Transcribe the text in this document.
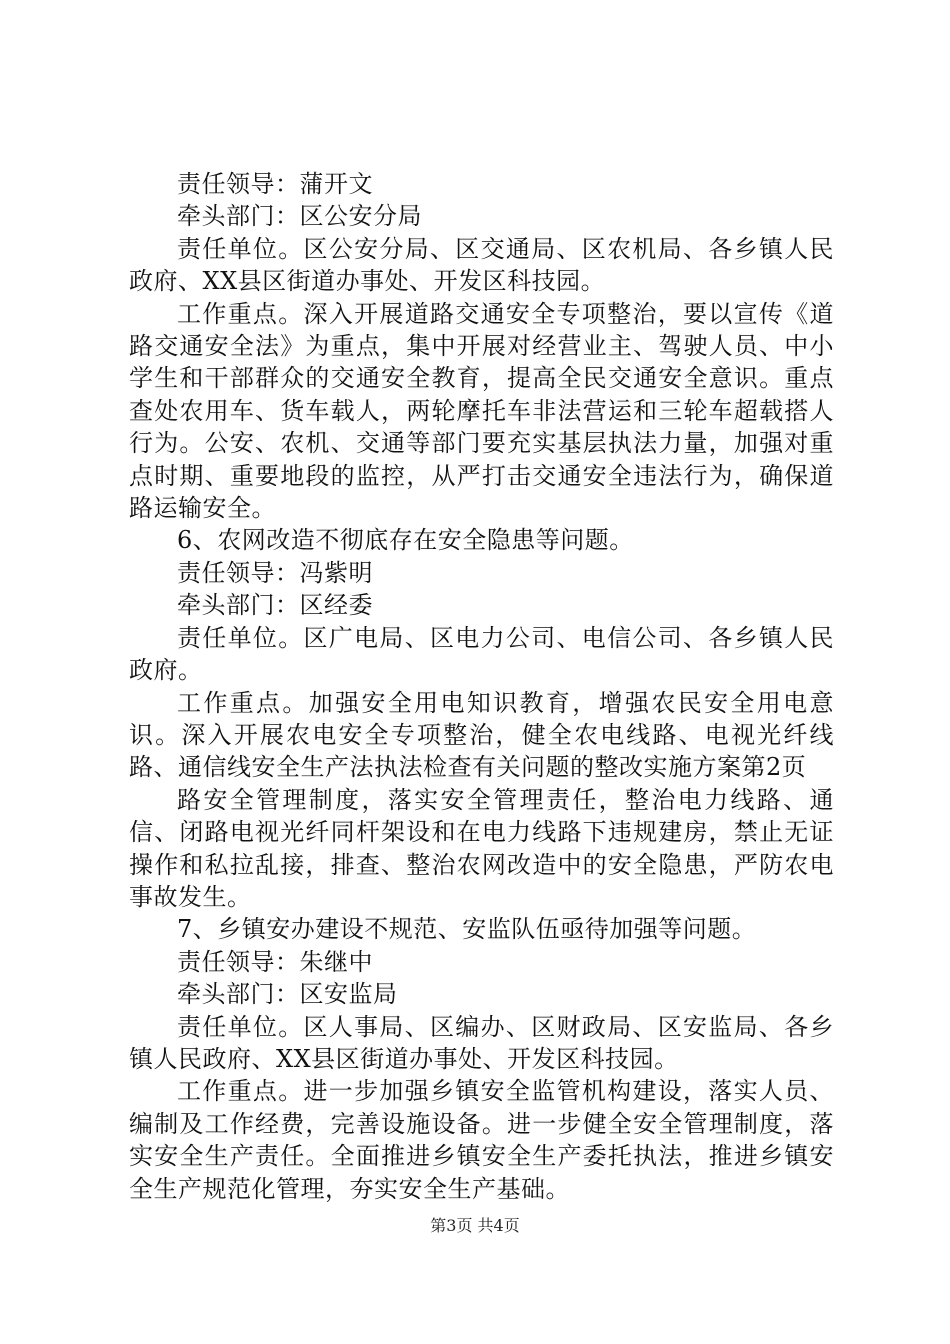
责任领导：蒲开文

牵头部门：区公安分局

责任单位。区公安分局、区交通局、区农机局、各乡镇人民政府、XX县区街道办事处、开发区科技园。

工作重点。深入开展道路交通安全专项整治，要以宣传《道路交通安全法》为重点，集中开展对经营业主、驾驶人员、中小学生和干部群众的交通安全教育，提高全民交通安全意识。重点查处农用车、货车载人，两轮摩托车非法营运和三轮车超载搭人行为。公安、农机、交通等部门要充实基层执法力量，加强对重点时期、重要地段的监控，从严打击交通安全违法行为，确保道路运输安全。

6、农网改造不彻底存在安全隐患等问题。

责任领导：冯紫明

牵头部门：区经委

责任单位。区广电局、区电力公司、电信公司、各乡镇人民政府。

工作重点。加强安全用电知识教育，增强农民安全用电意识。深入开展农电安全专项整治，健全农电线路、电视光纤线路、通信线安全生产法执法检查有关问题的整改实施方案第2页

路安全管理制度，落实安全管理责任，整治电力线路、通信、闭路电视光纤同杆架设和在电力线路下违规建房，禁止无证操作和私拉乱接，排查、整治农网改造中的安全隐患，严防农电事故发生。

7、乡镇安办建设不规范、安监队伍亟待加强等问题。

责任领导：朱继中

牵头部门：区安监局

责任单位。区人事局、区编办、区财政局、区安监局、各乡镇人民政府、XX县区街道办事处、开发区科技园。

工作重点。进一步加强乡镇安全监管机构建设，落实人员、编制及工作经费，完善设施设备。进一步健全安全管理制度，落实安全生产责任。全面推进乡镇安全生产委托执法，推进乡镇安全生产规范化管理，夯实安全生产基础。

第3页 共4页
